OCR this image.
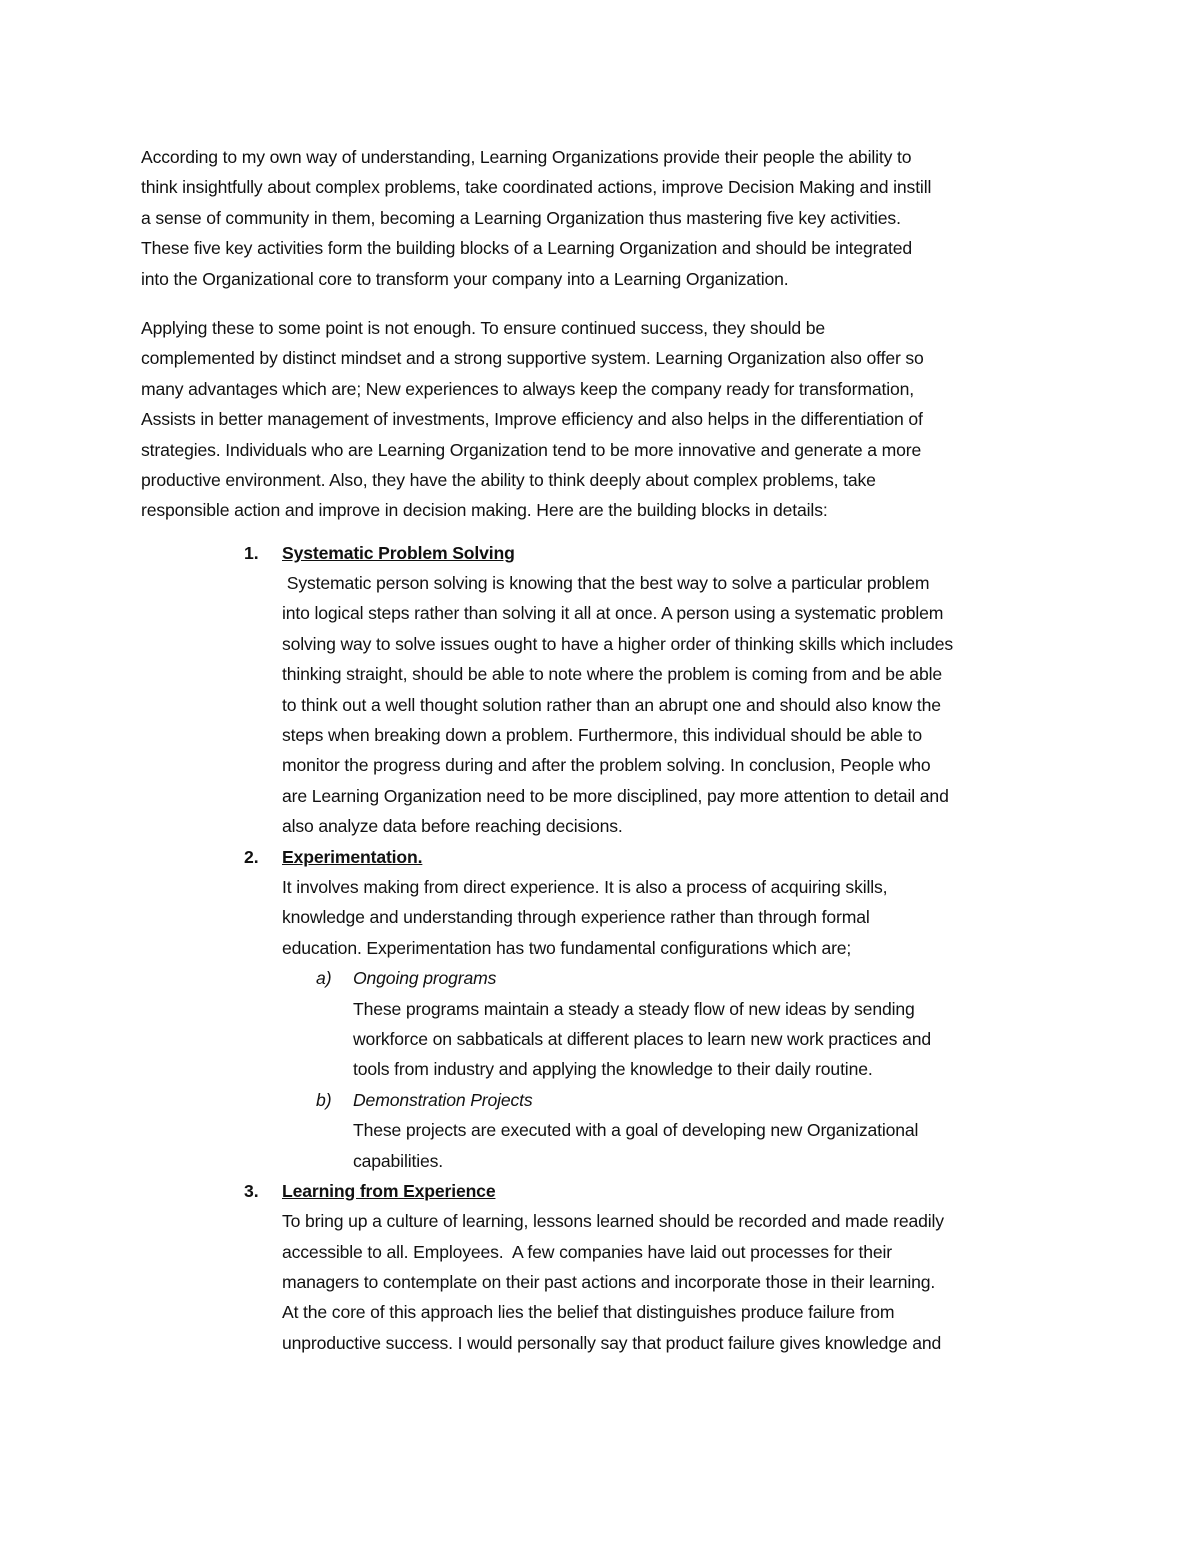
According to my own way of understanding, Learning Organizations provide their people the ability to
think insightfully about complex problems, take coordinated actions, improve Decision Making and instill
a sense of community in them, becoming a Learning Organization thus mastering five key activities.
These five key activities form the building blocks of a Learning Organization and should be integrated
into the Organizational core to transform your company into a Learning Organization.
Applying these to some point is not enough. To ensure continued success, they should be
complemented by distinct mindset and a strong supportive system. Learning Organization also offer so
many advantages which are; New experiences to always keep the company ready for transformation,
Assists in better management of investments, Improve efficiency and also helps in the differentiation of
strategies. Individuals who are Learning Organization tend to be more innovative and generate a more
productive environment. Also, they have the ability to think deeply about complex problems, take
responsible action and improve in decision making. Here are the building blocks in details:
1. Systematic Problem Solving
Systematic person solving is knowing that the best way to solve a particular problem
into logical steps rather than solving it all at once. A person using a systematic problem
solving way to solve issues ought to have a higher order of thinking skills which includes
thinking straight, should be able to note where the problem is coming from and be able
to think out a well thought solution rather than an abrupt one and should also know the
steps when breaking down a problem. Furthermore, this individual should be able to
monitor the progress during and after the problem solving. In conclusion, People who
are Learning Organization need to be more disciplined, pay more attention to detail and
also analyze data before reaching decisions.
2. Experimentation.
It involves making from direct experience. It is also a process of acquiring skills,
knowledge and understanding through experience rather than through formal
education. Experimentation has two fundamental configurations which are;
a) Ongoing programs
These programs maintain a steady a steady flow of new ideas by sending
workforce on sabbaticals at different places to learn new work practices and
tools from industry and applying the knowledge to their daily routine.
b) Demonstration Projects
These projects are executed with a goal of developing new Organizational
capabilities.
3. Learning from Experience
To bring up a culture of learning, lessons learned should be recorded and made readily
accessible to all. Employees.  A few companies have laid out processes for their
managers to contemplate on their past actions and incorporate those in their learning.
At the core of this approach lies the belief that distinguishes produce failure from
unproductive success. I would personally say that product failure gives knowledge and
